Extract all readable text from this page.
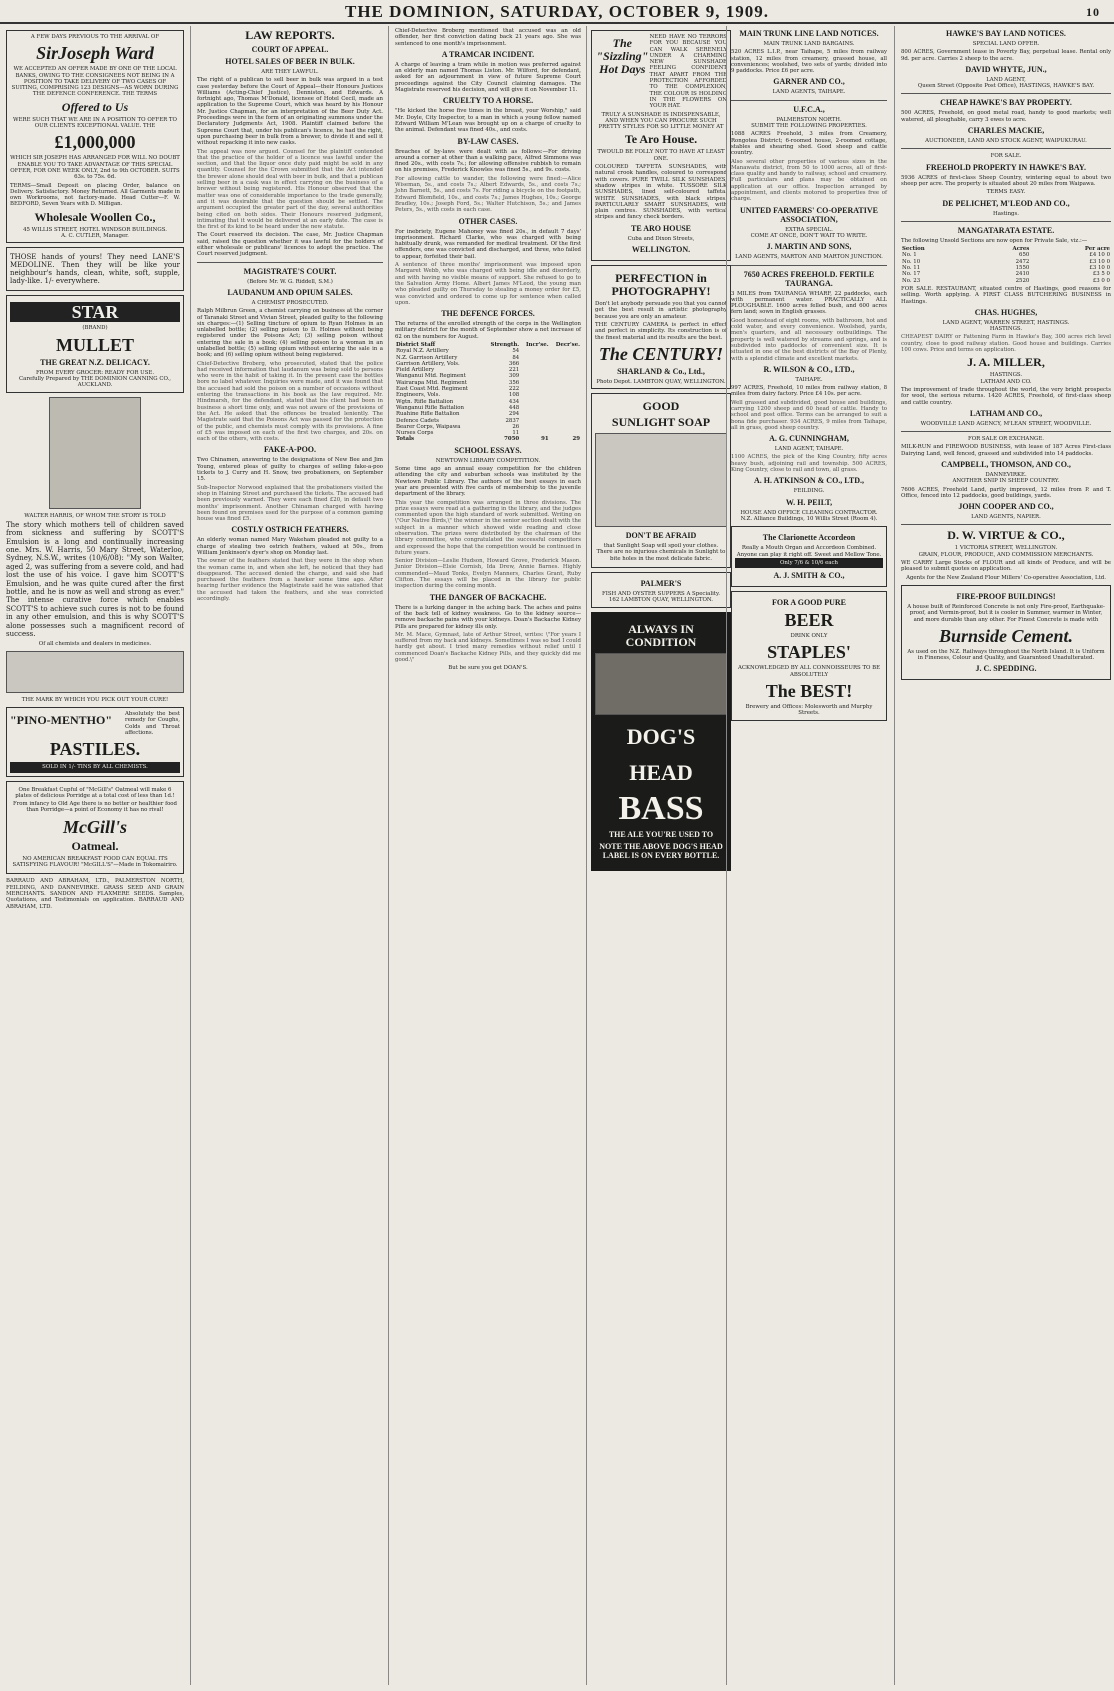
THE DOMINION, SATURDAY, OCTOBER 9, 1909.	10
A FEW DAYS PREVIOUS TO THE ARRIVAL OF
SirJoseph Ward

WE ACCEPTED AN OFFER MADE BY ONE OF THE LOCAL BANKS, OWING TO THE CONSIGNEES NOT BEING IN A POSITION TO TAKE DELIVERY OF TWO CASES OF SUITING, COMPRISING 123 DESIGNS—AS WORN DURING THE DEFENCE CONFERENCE. THE TERMS

Offered to Us

WERE SUCH THAT WE ARE IN A POSITION TO OFFER TO OUR CLIENTS EXCEPTIONAL VALUE. THE

£1,000,000

WHICH SIR JOSEPH HAS ARRANGED FOR WILL NO DOUBT ENABLE YOU TO TAKE ADVANTAGE OF THIS SPECIAL OFFER, FOR ONE WEEK ONLY, 2nd to 9th OCTOBER. SUITS 63s. to 75s. 6d.

TERMS—Small Deposit on placing Order, balance on Delivery. Satisfactory. Money Returned. All Garments made in own Workrooms, not factory-made. Head Cutter—F. W. BEDFORD, Seven Years with D. Milligan.

Wholesale Woollen Co.,
45 WILLIS STREET, HOTEL WINDSOR BUILDINGS.
A. C. CUTLER, Manager.

THOSE hands of yours! They need LANE'S MEDOLINE. Then they will be like your neighbour's hands, clean, white, soft, supple, lady-like. 1/- everywhere.

STAR
(BRAND)
MULLET
THE GREAT N.Z. DELICACY.
FROM EVERY GROCER: READY FOR USE.
Carefully Prepared by THE DOMINION CANNING CO., AUCKLAND.
WALTER HARRIS, OF WHOM THE STORY IS TOLD

The story which mothers tell of children saved from sickness and suffering by SCOTT'S Emulsion is a long and continually increasing one. Mrs. W. Harris, 50 Mary Street, Waterloo, Sydney, N.S.W., writes (10/6/08): "My son Walter, aged 2, was suffering from a severe cold, and had lost the use of his voice. I gave him SCOTT'S Emulsion, and he was quite cured after the first bottle, and he is now as well and strong as ever." The intense curative force which enables SCOTT'S to achieve such cures is not to be found in any other emulsion, and this is why SCOTT'S alone possesses such a magnificent record of success.

Of all chemists and dealers in medicines.
THE MARK BY WHICH YOU PICK OUT YOUR CURE!
"PINO-MENTHO" Absolutely the best remedy for Coughs, Colds and Throat affections.
PASTILES.
SOLD IN 1/- TINS BY ALL CHEMISTS.

One Breakfast Cupful of "McGill's" Oatmeal will make 6 plates of delicious Porridge at a total cost of less than 1d.!

From infancy to Old Age there is no better or healthier food than Porridge—a point of Economy it has no rival!

McGill's
Oatmeal.

NO AMERICAN BREAKFAST FOOD CAN EQUAL ITS SATISFYING FLAVOUR! "McGILL'S"—Made in Tokomairiro.

BARRAUD AND ABRAHAM, LTD., PALMERSTON NORTH, FEILDING, AND DANNEVIRKE. GRASS SEED AND GRAIN MERCHANTS. SANDON AND FLAXMERE SEEDS. Samples, Quotations, and Testimonials on application. BARRAUD AND ABRAHAM, LTD.

LAW REPORTS.
COURT OF APPEAL.
HOTEL SALES OF BEER IN BULK.
ARE THEY LAWFUL.

The right of a publican to sell beer in bulk was argued in a test case yesterday before the Court of Appeal—their Honours Justices Williams (Acting-Chief Justice), Denniston, and Edwards. A fortnight ago, Thomas M'Donald, licensee of Hotel Cecil, made an application to the Supreme Court, which was heard by his Honour Mr. Justice Chapman, for an interpretation of the Beer Duty Act. Proceedings were in the form of an originating summons under the Declaratory Judgments Act, 1908. Plaintiff claimed before the Supreme Court that, under his publican's licence, he had the right, upon purchasing beer in bulk from a brewer, to divide it and sell it without repacking it into new casks.

The appeal was now argued. Counsel for the plaintiff contended that the practice of the holder of a licence was lawful under the section, and that the liquor once duty paid might be sold in any quantity. Counsel for the Crown submitted that the Act intended the brewer alone should deal with beer in bulk, and that a publican selling beer in a cask was in effect carrying on the business of a brewer without being registered. His Honour observed that the matter was one of considerable importance to the trade generally, and it was desirable that the question should be settled. The argument occupied the greater part of the day, several authorities being cited on both sides. Their Honours reserved judgment, intimating that it would be delivered at an early date. The case is the first of its kind to be heard under the new statute.

The Court reserved its decision. The case, Mr. Justice Chapman said, raised the question whether it was lawful for the holders of either wholesale or publicans' licences to adopt the practice. The Court reserved judgment.

MAGISTRATE'S COURT.
(Before Mr. W. G. Riddell, S.M.)
LAUDANUM AND OPIUM SALES.
A CHEMIST PROSECUTED.

Ralph Milbrun Green, a chemist carrying on business at the corner of Taranaki Street and Vivian Street, pleaded guilty to the following six charges:—(1) Selling tincture of opium to Ryan Holmes in an unlabelled bottle; (2) selling poison to D. Holmes without being registered under the Poisons Act; (3) selling poison without entering the sale in a book; (4) selling poison to a woman in an unlabelled bottle; (5) selling opium without entering the sale in a book; and (6) selling opium without being registered.

Chief-Detective Broberg, who prosecuted, stated that the police had received information that laudanum was being sold to persons who were in the habit of taking it. In the present case the bottles bore no label whatever. Inquiries were made, and it was found that the accused had sold the poison on a number of occasions without entering the transactions in his book as the law required. Mr. Hindmarsh, for the defendant, stated that his client had been in business a short time only, and was not aware of the provisions of the Act. He asked that the offences be treated leniently. The Magistrate said that the Poisons Act was passed for the protection of the public, and chemists must comply with its provisions. A fine of £5 was imposed on each of the first two charges, and 20s. on each of the others, with costs.

FAKE-A-POO.

Two Chinamen, answering to the designations of New Bee and Jim Young, entered pleas of guilty to charges of selling fake-a-poo tickets to J. Curry and H. Snow, two probationers, on September 15.

Sub-Inspector Norwood explained that the probationers visited the shop in Haining Street and purchased the tickets. The accused had been previously warned. They were each fined £20, in default two months' imprisonment. Another Chinaman charged with having been found on premises used for the purpose of a common gaming house was fined £5.

COSTLY OSTRICH FEATHERS.

An elderly woman named Mary Wakeham pleaded not guilty to a charge of stealing two ostrich feathers, valued at 50s., from William Jenkinson's dyer's shop on Monday last.

The owner of the feathers stated that they were in the shop when the woman came in, and when she left, he noticed that they had disappeared. The accused denied the charge, and said she had purchased the feathers from a hawker some time ago. After hearing further evidence the Magistrate said he was satisfied that the accused had taken the feathers, and she was convicted accordingly.

Chief-Detective Broberg mentioned that accused was an old offender, her first conviction dating back 21 years ago. She was sentenced to one month's imprisonment.

A TRAMCAR INCIDENT.

A charge of leaving a tram while in motion was preferred against an elderly man named Thomas Liston. Mr. Wilford, for defendant, asked for an adjournment in view of future Supreme Court proceedings against the City Council claiming damages. The Magistrate reserved his decision, and will give it on November 11.

CRUELTY TO A HORSE.

"He kicked the horse five times in the breast, your Worship," said Mr. Doyle, City Inspector, to a man in which a young fellow named Edward William M'Lean was brought up on a charge of cruelty to the animal. Defendant was fined 40s., and costs.

BY-LAW CASES.

Breaches of by-laws were dealt with as follows:—For driving around a corner at other than a walking pace, Alfred Simmons was fined 20s., with costs 7s.; for allowing offensive rubbish to remain on his premises, Frederick Knowles was fined 5s., and 9s. costs.

For allowing cattle to wander, the following were fined:—Alice Wiseman, 5s., and costs 7s.; Albert Edwards, 5s., and costs 7s.; John Barnett, 5s., and costs 7s. For riding a bicycle on the footpath, Edward Blomfield, 10s., and costs 7s.; James Hughes, 10s.; George Bradley, 10s.; Joseph Ford, 5s.; Walter Hutchison, 5s.; and James Peters, 5s., with costs in each case.

OTHER CASES.

For inebriety, Eugene Mahoney was fined 20s., in default 7 days' imprisonment. Richard Clarke, who was charged with being habitually drunk, was remanded for medical treatment. Of the first offenders, one was convicted and discharged, and three, who failed to appear, forfeited their bail.

A sentence of three months' imprisonment was imposed upon Margaret Webb, who was charged with being idle and disorderly, and with having no visible means of support. She refused to go to the Salvation Army Home. Albert James M'Leod, the young man who pleaded guilty on Thursday to stealing a money order for £5, was convicted and ordered to come up for sentence when called upon.

THE DEFENCE FORCES.

The returns of the enrolled strength of the corps in the Wellington military district for the month of September show a net increase of 62 on the numbers for August.

District Staff	Strength.	Incr'se.	Decr'se.
Royal N.Z. Artillery	54		
N.Z. Garrison Artillery	84		
Garrison Artillery, Vols.	366		
Field Artillery	221		
Wanganui Mtd. Regiment	309		
Wairarapa Mtd. Regiment	356		
East Coast Mtd. Regiment	222		
Engineers, Vols.	108		
Wgtn. Rifle Battalion	434		
Wanganui Rifle Battalion	448		
Ruahine Rifle Battalion	294		
Defence Cadets	2837		
Bearer Corps, Waipawa	26		
Nurses Corps	11		
Totals	7050	91	29
SCHOOL ESSAYS.
NEWTOWN LIBRARY COMPETITION.

Some time ago an annual essay competition for the children attending the city and suburban schools was instituted by the Newtown Public Library. The authors of the best essays in each year are presented with five cards of membership to the juvenile department of the library.

This year the competition was arranged in three divisions. The prize essays were read at a gathering in the library, and the judges commented upon the high standard of work submitted. Writing on \"Our Native Birds,\" the winner in the senior section dealt with the subject in a manner which showed wide reading and close observation. The prizes were distributed by the chairman of the library committee, who congratulated the successful competitors and expressed the hope that the competition would be continued in future years.

Senior Division—Leslie Hudson, Howard Grove, Frederick Mason. Junior Division—Elsie Cornish, Ida Drew, Annie Barnes. Highly commended—Maud Tonks, Evelyn Manners, Charles Grant, Ruby Clifton. The essays will be placed in the library for public inspection during the coming month.

THE DANGER OF BACKACHE.

There is a lurking danger in the aching back. The aches and pains of the back tell of kidney weakness. Go to the kidney source—remove backache pains with your kidneys. Doan's Backache Kidney Pills are prepared for kidney ills only.

Mr. M. Mace, Gymnast, late of Arthur Street, writes: \"For years I suffered from my back and kidneys. Sometimes I was so bad I could hardly get about. I tried many remedies without relief until I commenced Doan's Backache Kidney Pills, and they quickly did me good.\"

But be sure you get DOAN'S.
The "Sizzling" Hot Days
NEED HAVE NO TERRORS FOR YOU BECAUSE YOU CAN WALK SERENELY UNDER A CHARMING NEW SUNSHADE FEELING CONFIDENT THAT APART FROM THE PROTECTION AFFORDED TO THE COMPLEXION, THE COLOUR IS HOLDING IN THE FLOWERS ON YOUR HAT.

TRULY A SUNSHADE IS INDISPENSABLE, AND WHEN YOU CAN PROCURE SUCH PRETTY STYLES FOR SO LITTLE MONEY AT

Te Aro House.

TWOULD BE FOLLY NOT TO HAVE AT LEAST ONE.

COLOURED TAFFETA SUNSHADES, with natural crook handles, coloured to correspond with covers. PURE TWILL SILK SUNSHADES, shadow stripes in white. TUSSORE SILK SUNSHADES, lined self-coloured taffeta. WHITE SUNSHADES, with black stripes. PARTICULARLY SMART SUNSHADES, with plain centres. SUNSHADES, with vertical stripes and fancy check borders.

TE ARO HOUSE
Cuba and Dixon Streets,
WELLINGTON.
PERFECTION in PHOTOGRAPHY!

Don't let anybody persuade you that you cannot get the best result in artistic photography because you are only an amateur.

THE CENTURY CAMERA is perfect in effect and perfect in simplicity. Its construction is of the finest material and its results are the best.

The CENTURY!
SHARLAND & Co., Ltd.,
Photo Depot. LAMBTON QUAY, WELLINGTON.
GOOD
SUNLIGHT SOAP
DON'T BE AFRAID

that Sunlight Soap will spoil your clothes. There are no injurious chemicals in Sunlight to bite holes in the most delicate fabric.

PALMER'S
FISH AND OYSTER SUPPERS A Speciality.
162 LAMBTON QUAY, WELLINGTON.
ALWAYS IN CONDITION
DOG'S HEAD
BASS
THE ALE YOU'RE USED TO
NOTE THE ABOVE DOG'S HEAD LABEL IS ON EVERY BOTTLE.
MAIN TRUNK LINE LAND NOTICES.
MAIN TRUNK LAND BARGAINS.

520 ACRES L.I.P., near Taihape, 5 miles from railway station, 12 miles from creamery, grassed house, all conveniences; woolshed, two sets of yards; divided into 9 paddocks. Price £6 per acre.

GARNER AND CO.,
LAND AGENTS, TAIHAPE.
U.F.C.A.,
PALMERSTON NORTH.
SUBMIT THE FOLLOWING PROPERTIES.

1088 ACRES Freehold, 3 miles from Creamery, Rongotea District; 6-roomed house, 2-roomed cottage, stables and shearing shed. Good sheep and cattle country.

Also several other properties of various sizes in the Manawatu district, from 50 to 1000 acres, all of first-class quality and handy to railway, school and creamery. Full particulars and plans may be obtained on application at our office. Inspection arranged by appointment, and clients motored to properties free of charge.

UNITED FARMERS' CO-OPERATIVE ASSOCIATION,
EXTRA SPECIAL.
COME AT ONCE, DON'T WAIT TO WRITE.
J. MARTIN AND SONS,
LAND AGENTS, MARTON AND MARTON JUNCTION.
7650 ACRES FREEHOLD. FERTILE TAURANGA.

3 MILES from TAURANGA WHARF, 22 paddocks, each with permanent water. PRACTICALLY ALL PLOUGHABLE. 1600 acres felled bush, and 600 acres fern land; sown in English grasses.

Good homestead of eight rooms, with bathroom, hot and cold water, and every convenience. Woolshed, yards, men's quarters, and all necessary outbuildings. The property is well watered by streams and springs, and is subdivided into paddocks of convenient size. It is situated in one of the best districts of the Bay of Plenty, with a splendid climate and excellent markets.

R. WILSON & CO., LTD.,
TAIHAPE.

997 ACRES, Freehold, 10 miles from railway station, 8 miles from dairy factory. Price £4 10s. per acre.

Well grassed and subdivided, good house and buildings, carrying 1200 sheep and 60 head of cattle. Handy to school and post office. Terms can be arranged to suit a bona fide purchaser. 934 ACRES, 9 miles from Taihape, all in grass, good sheep country.

A. G. CUNNINGHAM,
LAND AGENT, TAIHAPE.

1100 ACRES, the pick of the King Country, fifty acres heavy bush, adjoining rail and township. 500 ACRES, King Country, close to rail and town, all grass.

A. H. ATKINSON & CO., LTD.,
FEILDING.
W. H. PEILT,
HOUSE AND OFFICE CLEANING CONTRACTOR.
N.Z. Alliance Buildings, 10 Willis Street (Room 4).
The Clarionette Accordeon
Really a Mouth Organ and Accordeon Combined.
Anyone can play it right off. Sweet and Mellow Tone.
Only 7/6 & 10/6 each
A. J. SMITH & CO.,
FOR A GOOD PURE
BEER
DRINK ONLY
STAPLES'
ACKNOWLEDGED BY ALL CONNOISSEURS TO BE ABSOLUTELY
The BEST!
Brewery and Offices: Molesworth and Murphy Streets.
HAWKE'S BAY LAND NOTICES.
SPECIAL LAND OFFER.

800 ACRES, Government lease in Poverty Bay, perpetual lease. Rental only 9d. per acre. Carries 2 sheep to the acre.

DAVID WHYTE, JUN.,
LAND AGENT,
Queen Street (Opposite Post Office), HASTINGS, HAWKE'S BAY.
CHEAP HAWKE'S BAY PROPERTY.

500 ACRES, Freehold, on good metal road, handy to good markets; well watered, all ploughable, carry 3 ewes to acre.

CHARLES MACKIE,
AUCTIONEER, LAND AND STOCK AGENT, WAIPUKURAU.
FOR SALE.
FREEHOLD PROPERTY IN HAWKE'S BAY.

5936 ACRES of first-class Sheep Country, wintering equal to about two sheep per acre. The property is situated about 20 miles from Waipawa.

TERMS EASY.
DE PELICHET, M'LEOD AND CO.,
Hastings.
MANGATARATA ESTATE.

The following Unsold Sections are now open for Private Sale, viz.:—

Section	Acres	Per acre
No. 1	650	£4 10 0
No. 10	2472	£3 10 0
No. 11	1550	£3 10 0
No. 17	2410	£3 5 0
No. 23	2520	£3 0 0

FOR SALE. RESTAURANT, situated centre of Hastings, good reasons for selling. Worth applying. A FIRST CLASS BUTCHERING BUSINESS in Hastings.

CHAS. HUGHES,
LAND AGENT, WARREN STREET, HASTINGS.
HASTINGS.

CHEAPEST DAIRY or Fattening Farm in Hawke's Bay, 300 acres rich level country, close to good railway station. Good house and buildings. Carries 100 cows. Price and terms on application.

J. A. MILLER,
HASTINGS.
LATHAM AND CO.

The improvement of trade throughout the world, the very bright prospects for wool, the serious returns. 1420 ACRES, Freehold, of first-class sheep and cattle country.

LATHAM AND CO.,
WOODVILLE LAND AGENCY, M'LEAN STREET, WOODVILLE.
FOR SALE OR EXCHANGE.

MILK-RUN and FIREWOOD BUSINESS, with lease of 187 Acres First-class Dairying Land, well fenced, grassed and subdivided into 14 paddocks.

CAMPBELL, THOMSON, AND CO.,
DANNEVIRKE.
ANOTHER SNIP IN SHEEP COUNTRY.

7606 ACRES, Freehold Land, partly improved, 12 miles from P. and T. Office, fenced into 12 paddocks, good buildings, yards.

JOHN COOPER AND CO.,
LAND AGENTS, NAPIER.
D. W. VIRTUE & CO.,
1 VICTORIA STREET, WELLINGTON.
GRAIN, FLOUR, PRODUCE, AND COMMISSION MERCHANTS.

WE CARRY Large Stocks of FLOUR and all kinds of Produce, and will be pleased to submit quotes on application.

Agents for the New Zealand Flour Millers' Co-operative Association, Ltd.

FIRE-PROOF BUILDINGS!

A house built of Reinforced Concrete is not only Fire-proof, Earthquake-proof, and Vermin-proof, but it is cooler in Summer, warmer in Winter, and more durable than any other. For Finest Concrete is made with

Burnside Cement.

As used on the N.Z. Railways throughout the North Island. It is Uniform in Fineness, Colour and Quality, and Guaranteed Unadulterated.

J. C. SPEDDING.
